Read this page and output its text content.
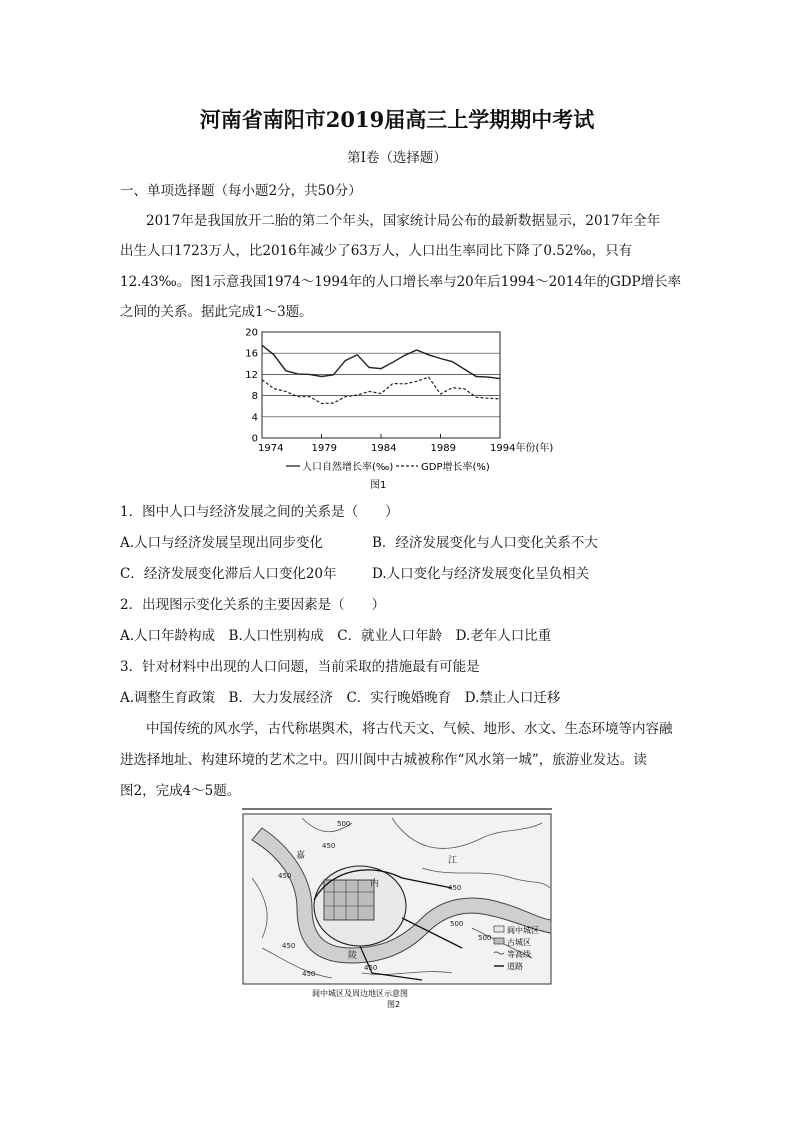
河南省南阳市2019届高三上学期期中考试
第Ⅰ卷（选择题）
一、单项选择题（每小题2分，共50分）
2017年是我国放开二胎的第二个年头，国家统计局公布的最新数据显示，2017年全年
出生人口1723万人，比2016年减少了63万人，人口出生率同比下降了0.52‰，只有
12.43‰。图1示意我国1974～1994年的人口增长率与20年后1994～2014年的GDP增长率
之间的关系。据此完成1～3题。
20
16
12
8
4
0
1974	1979	1984	1989	1994年份(年)
人口自然增长率(‰)	GDP增长率(%)
图1
1．图中人口与经济发展之间的关系是（　　）
A.人口与经济发展呈现出同步变化	B．经济发展变化与人口变化关系不大
C．经济发展变化滞后人口变化20年	D.人口变化与经济发展变化呈负相关
2．出现图示变化关系的主要因素是（　　）
A.人口年龄构成　B.人口性别构成　C．就业人口年龄　D.老年人口比重
3．针对材料中出现的人口问题，当前采取的措施最有可能是
A.调整生育政策　B．大力发展经济　C．实行晚婚晚育　D.禁止人口迁移
中国传统的风水学，古代称堪舆术，将古代天文、气候、地形、水文、生态环境等内容融
进选择地址、构建环境的艺术之中。四川阆中古城被称作“风水第一城”，旅游业发达。读
图2，完成4～5题。
嘉
陵
江
内
500
450
450
500
450
500
450
450
450
阆中城区
古城区
等高线
道路
阆中城区及周边地区示意图
图2
